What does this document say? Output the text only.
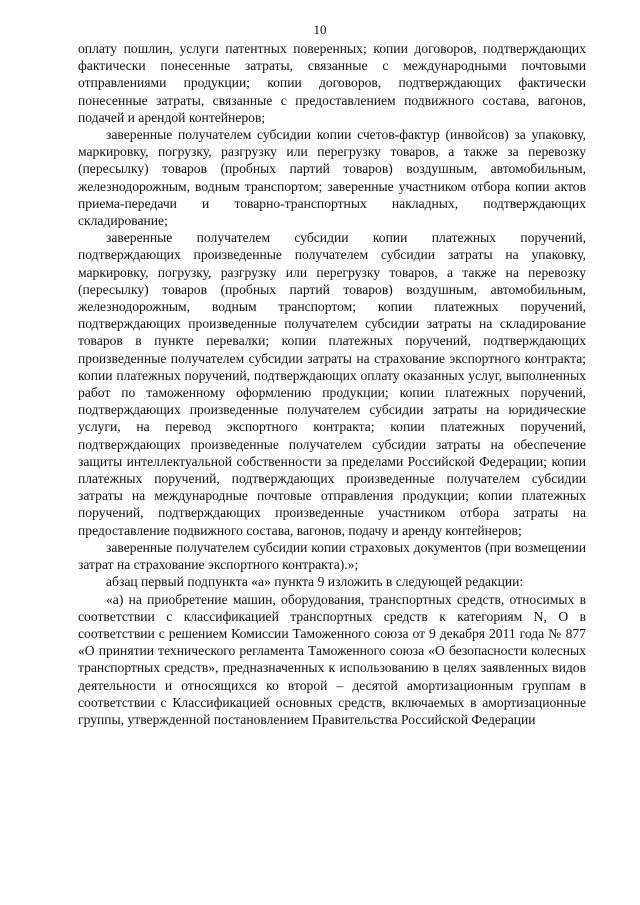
10

оплату пошлин, услуги патентных поверенных; копии договоров, подтверждающих фактически понесенные затраты, связанные с международными почтовыми отправлениями продукции; копии договоров, подтверждающих фактически понесенные затраты, связанные с предоставлением подвижного состава, вагонов, подачей и арендой контейнеров;

заверенные получателем субсидии копии счетов-фактур (инвойсов) за упаковку, маркировку, погрузку, разгрузку или перегрузку товаров, а также за перевозку (пересылку) товаров (пробных партий товаров) воздушным, автомобильным, железнодорожным, водным транспортом; заверенные участником отбора копии актов приема-передачи и товарно-транспортных накладных, подтверждающих складирование;

заверенные получателем субсидии копии платежных поручений, подтверждающих произведенные получателем субсидии затраты на упаковку, маркировку, погрузку, разгрузку или перегрузку товаров, а также на перевозку (пересылку) товаров (пробных партий товаров) воздушным, автомобильным, железнодорожным, водным транспортом; копии платежных поручений, подтверждающих произведенные получателем субсидии затраты на складирование товаров в пункте перевалки; копии платежных поручений, подтверждающих произведенные получателем субсидии затраты на страхование экспортного контракта; копии платежных поручений, подтверждающих оплату оказанных услуг, выполненных работ по таможенному оформлению продукции; копии платежных поручений, подтверждающих произведенные получателем субсидии затраты на юридические услуги, на перевод экспортного контракта; копии платежных поручений, подтверждающих произведенные получателем субсидии затраты на обеспечение защиты интеллектуальной собственности за пределами Российской Федерации; копии платежных поручений, подтверждающих произведенные получателем субсидии затраты на международные почтовые отправления продукции; копии платежных поручений, подтверждающих произведенные участником отбора затраты на предоставление подвижного состава, вагонов, подачу и аренду контейнеров;

заверенные получателем субсидии копии страховых документов (при возмещении затрат на страхование экспортного контракта).»;

абзац первый подпункта «а» пункта 9 изложить в следующей редакции:

«а) на приобретение машин, оборудования, транспортных средств, относимых в соответствии с классификацией транспортных средств к категориям N, O в соответствии с решением Комиссии Таможенного союза от 9 декабря 2011 года № 877 «О принятии технического регламента Таможенного союза «О безопасности колесных транспортных средств», предназначенных к использованию в целях заявленных видов деятельности и относящихся ко второй – десятой амортизационным группам в соответствии с Классификацией основных средств, включаемых в амортизационные группы, утвержденной постановлением Правительства Российской Федерации
